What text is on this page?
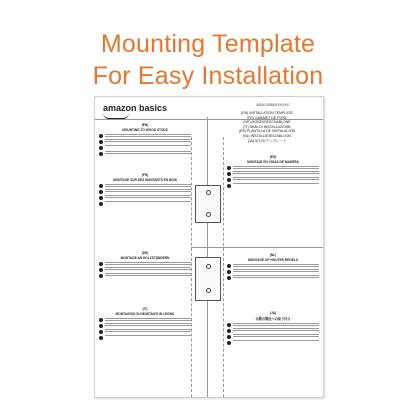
Mounting Template
For Easy Installation
amazon basics	ASIN: B08XXXXXXX
(EN) INSTALLATION TEMPLATE
(FR) GABARIT DE POSE
(DE) MONTAGESCHABLONE
(IT) DIMA DI INSTALLAZIONE
(ES) PLANTILLA DE INSTALACIÓN
(NL) INSTALLATIESJABLOON
(JA) 取付用テンプレート
(EN)
MOUNTING TO WOOD STUDS
(FR)
MONTAGE SUR DES MONTANTS EN BOIS
(DE)
MONTAGE AN HOLZSTÄNDERN
(IT)
MONTAGGIO SU MONTANTI IN LEGNO
(ES)
MONTAJE EN VIGAS DE MADERA
(NL)
MONTAGE OP HOUTEN REGELS
(JA)
木製の間柱への取り付け
